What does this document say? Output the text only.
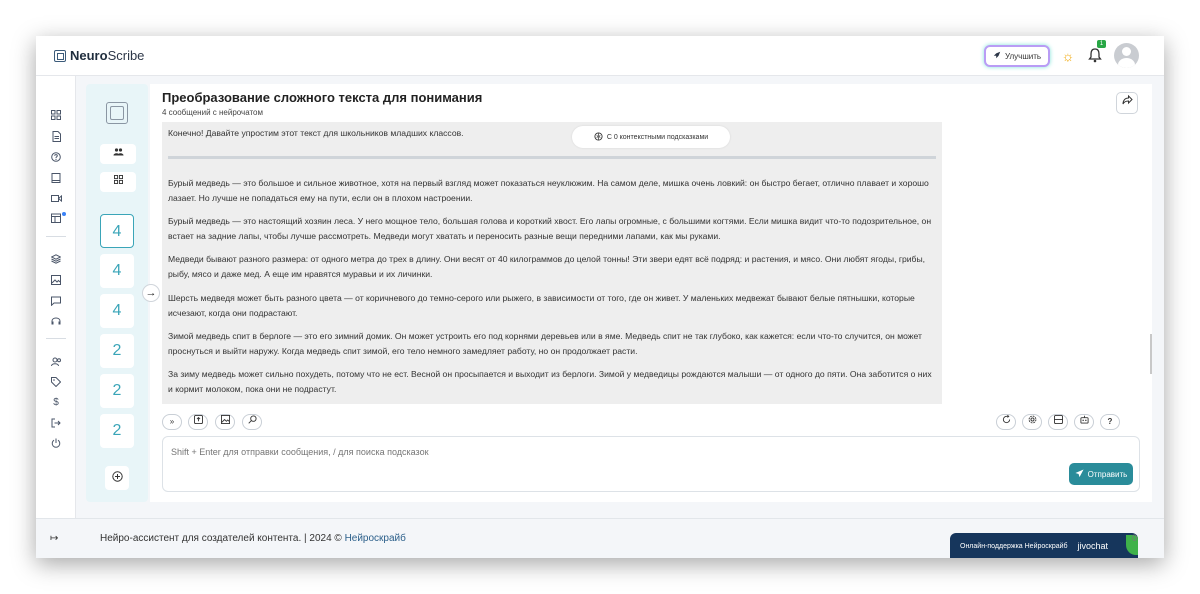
Neuro Scribe	Улучшить ☼
1
$
4
4
4
2
2
2
→
Преобразование сложного текста для понимания
4 сообщений с нейрочатом
Конечно! Давайте упростим этот текст для школьников младших классов.	С 0 контекстными подсказками
Бурый медведь — это большое и сильное животное, хотя на первый взгляд может показаться неуклюжим. На самом деле, мишка очень ловкий: он быстро бегает, отлично плавает и хорошо лазает. Но лучше не попадаться ему на пути, если он в плохом настроении.
Бурый медведь — это настоящий хозяин леса. У него мощное тело, большая голова и короткий хвост. Его лапы огромные, с большими когтями. Если мишка видит что-то подозрительное, он встает на задние лапы, чтобы лучше рассмотреть. Медведи могут хватать и переносить разные вещи передними лапами, как мы руками.
Медведи бывают разного размера: от одного метра до трех в длину. Они весят от 40 килограммов до целой тонны! Эти звери едят всё подряд: и растения, и мясо. Они любят ягоды, грибы, рыбу, мясо и даже мед. А еще им нравятся муравьи и их личинки.
Шерсть медведя может быть разного цвета — от коричневого до темно-серого или рыжего, в зависимости от того, где он живет. У маленьких медвежат бывают белые пятнышки, которые исчезают, когда они подрастают.
Зимой медведь спит в берлоге — это его зимний домик. Он может устроить его под корнями деревьев или в яме. Медведь спит не так глубоко, как кажется: если что-то случится, он может проснуться и выйти наружу. Когда медведь спит зимой, его тело немного замедляет работу, но он продолжает расти.
За зиму медведь может сильно похудеть, потому что не ест. Весной он просыпается и выходит из берлоги. Зимой у медведицы рождаются малыши — от одного до пяти. Она заботится о них и кормит молоком, пока они не подрастут.
»	?
Shift + Enter для отправки сообщения, / для поиска подсказок
Отправить
↦	Нейро-ассистент для создателей контента. | 2024 © Нейроскрайб
Онлайн-поддержка Нейроскрайб jivochat
0
